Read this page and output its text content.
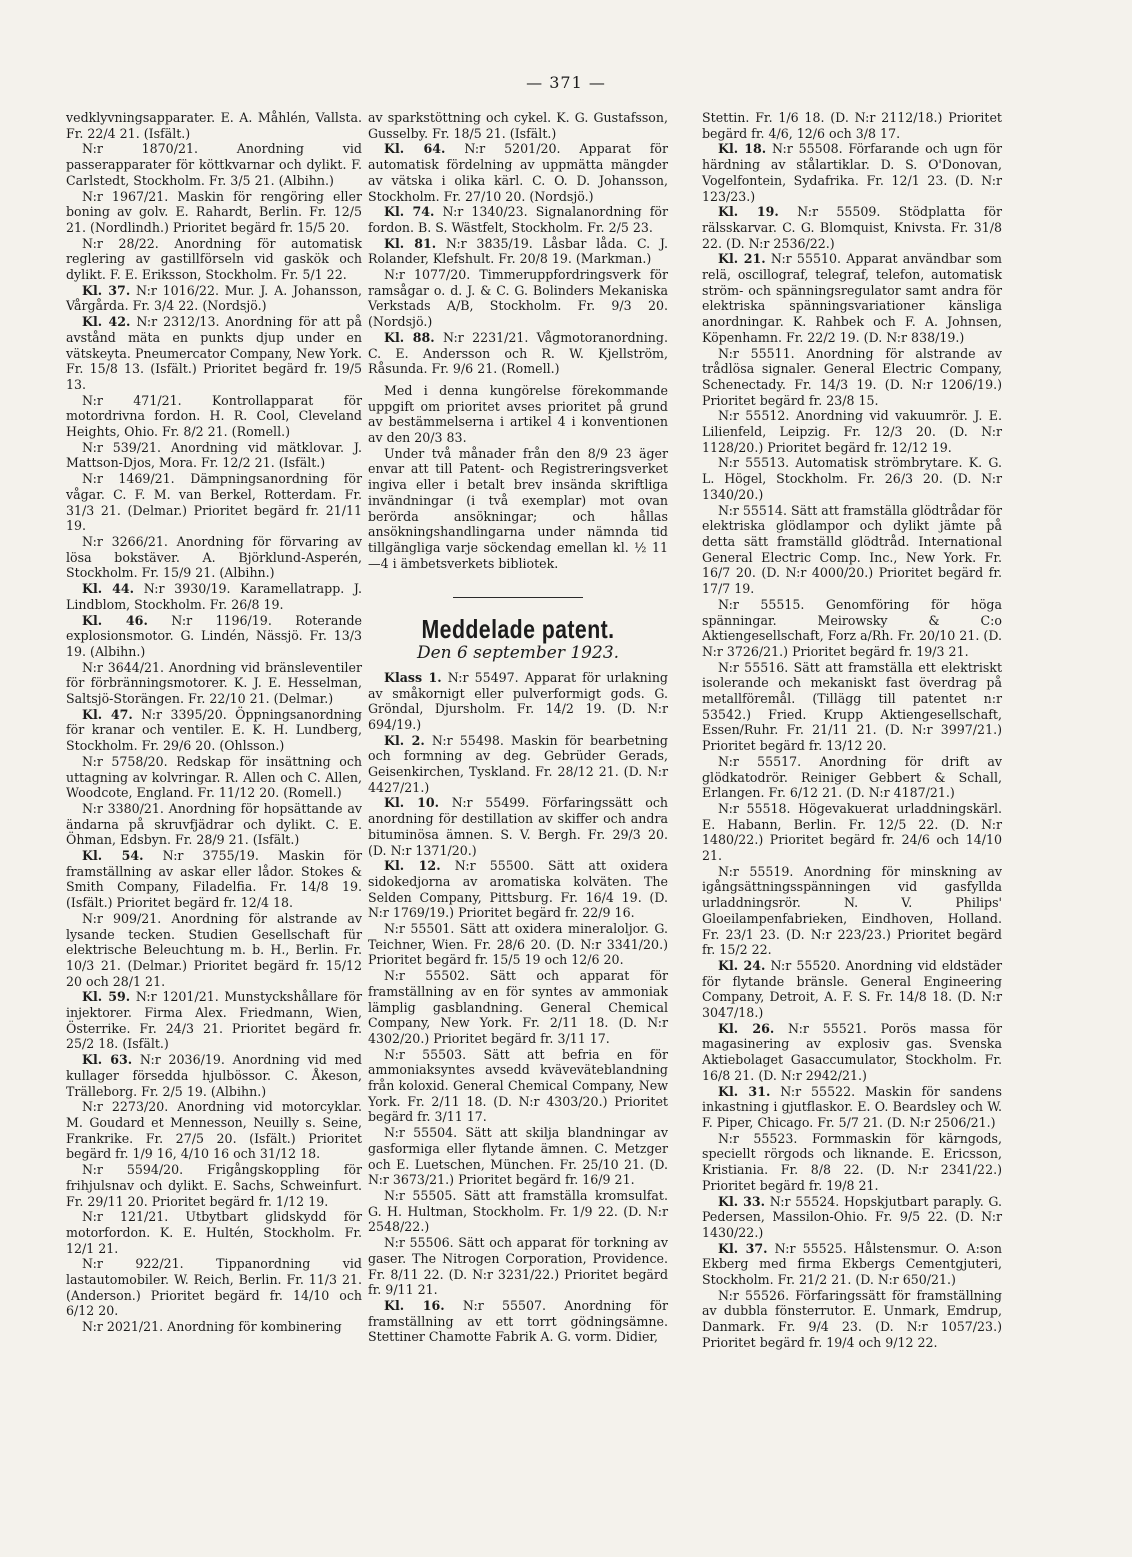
— 371 —

vedklyvningsapparater. E. A. Måhlén, Vallsta. Fr. 22/4 21. (Isfält.)

N:r 1870/21. Anordning vid passerapparater för köttkvarnar och dylikt. F. Carlstedt, Stockholm. Fr. 3/5 21. (Albihn.)

N:r 1967/21. Maskin för rengöring eller boning av golv. E. Rahardt, Berlin. Fr. 12/5 21. (Nordlindh.) Prioritet begärd fr. 15/5 20.

N:r 28/22. Anordning för automatisk reglering av gastillförseln vid gaskök och dylikt. F. E. Eriksson, Stockholm. Fr. 5/1 22.

Kl. 37. N:r 1016/22. Mur. J. A. Johansson, Vårgårda. Fr. 3/4 22. (Nordsjö.)

Kl. 42. N:r 2312/13. Anordning för att på avstånd mäta en punkts djup under en vätskeyta. Pneumercator Company, New York. Fr. 15/8 13. (Isfält.) Prioritet begärd fr. 19/5 13.

N:r 471/21. Kontrollapparat för motordrivna fordon. H. R. Cool, Cleveland Heights, Ohio. Fr. 8/2 21. (Romell.)

N:r 539/21. Anordning vid mätklovar. J. Mattson-Djos, Mora. Fr. 12/2 21. (Isfält.)

N:r 1469/21. Dämpningsanordning för vågar. C. F. M. van Berkel, Rotterdam. Fr. 31/3 21. (Delmar.) Prioritet begärd fr. 21/11 19.

N:r 3266/21. Anordning för förvaring av lösa bokstäver. A. Björklund-Asperén, Stockholm. Fr. 15/9 21. (Albihn.)

Kl. 44. N:r 3930/19. Karamellatrapp. J. Lindblom, Stockholm. Fr. 26/8 19.

Kl. 46. N:r 1196/19. Roterande explosionsmotor. G. Lindén, Nässjö. Fr. 13/3 19. (Albihn.)

N:r 3644/21. Anordning vid bränsleventiler för förbränningsmotorer. K. J. E. Hesselman, Saltsjö-Storängen. Fr. 22/10 21. (Delmar.)

Kl. 47. N:r 3395/20. Öppningsanordning för kranar och ventiler. E. K. H. Lundberg, Stockholm. Fr. 29/6 20. (Ohlsson.)

N:r 5758/20. Redskap för insättning och uttagning av kolvringar. R. Allen och C. Allen, Woodcote, England. Fr. 11/12 20. (Romell.)

N:r 3380/21. Anordning för hopsättande av ändarna på skruvfjädrar och dylikt. C. E. Öhman, Edsbyn. Fr. 28/9 21. (Isfält.)

Kl. 54. N:r 3755/19. Maskin för framställning av askar eller lådor. Stokes & Smith Company, Filadelfia. Fr. 14/8 19. (Isfält.) Prioritet begärd fr. 12/4 18.

N:r 909/21. Anordning för alstrande av lysande tecken. Studien Gesellschaft für elektrische Beleuchtung m. b. H., Berlin. Fr. 10/3 21. (Delmar.) Prioritet begärd fr. 15/12 20 och 28/1 21.

Kl. 59. N:r 1201/21. Munstyckshållare för injektorer. Firma Alex. Friedmann, Wien, Österrike. Fr. 24/3 21. Prioritet begärd fr. 25/2 18. (Isfält.)

Kl. 63. N:r 2036/19. Anordning vid med kullager försedda hjulbössor. C. Åkeson, Trälleborg. Fr. 2/5 19. (Albihn.)

N:r 2273/20. Anordning vid motorcyklar. M. Goudard et Mennesson, Neuilly s. Seine, Frankrike. Fr. 27/5 20. (Isfält.) Prioritet begärd fr. 1/9 16, 4/10 16 och 31/12 18.

N:r 5594/20. Frigångskoppling för frihjulsnav och dylikt. E. Sachs, Schweinfurt. Fr. 29/11 20. Prioritet begärd fr. 1/12 19.

N:r 121/21. Utbytbart glidskydd för motorfordon. K. E. Hultén, Stockholm. Fr. 12/1 21.

N:r 922/21. Tippanordning vid lastautomobiler. W. Reich, Berlin. Fr. 11/3 21. (Anderson.) Prioritet begärd fr. 14/10 och 6/12 20.

N:r 2021/21. Anordning för kombinering

av sparkstöttning och cykel. K. G. Gustafsson, Gusselby. Fr. 18/5 21. (Isfält.)

Kl. 64. N:r 5201/20. Apparat för automatisk fördelning av uppmätta mängder av vätska i olika kärl. C. O. D. Johansson, Stockholm. Fr. 27/10 20. (Nordsjö.)

Kl. 74. N:r 1340/23. Signalanordning för fordon. B. S. Wästfelt, Stockholm. Fr. 2/5 23.

Kl. 81. N:r 3835/19. Låsbar låda. C. J. Rolander, Klefshult. Fr. 20/8 19. (Markman.)

N:r 1077/20. Timmeruppfordringsverk för ramsågar o. d. J. & C. G. Bolinders Mekaniska Verkstads A/B, Stockholm. Fr. 9/3 20. (Nordsjö.)

Kl. 88. N:r 2231/21. Vågmotoranordning. C. E. Andersson och R. W. Kjellström, Råsunda. Fr. 9/6 21. (Romell.)

Med i denna kungörelse förekommande uppgift om prioritet avses prioritet på grund av bestämmelserna i artikel 4 i konventionen av den 20/3 83.

Under två månader från den 8/9 23 äger envar att till Patent- och Registreringsverket ingiva eller i betalt brev insända skriftliga invändningar (i två exemplar) mot ovan berörda ansökningar; och hållas ansökningshandlingarna under nämnda tid tillgängliga varje söckendag emellan kl. ½ 11—4 i ämbetsverkets bibliotek.

Meddelade patent.
Den 6 september 1923.

Klass 1. N:r 55497. Apparat för urlakning av småkornigt eller pulverformigt gods. G. Gröndal, Djursholm. Fr. 14/2 19. (D. N:r 694/19.)

Kl. 2. N:r 55498. Maskin för bearbetning och formning av deg. Gebrüder Gerads, Geisenkirchen, Tyskland. Fr. 28/12 21. (D. N:r 4427/21.)

Kl. 10. N:r 55499. Förfaringssätt och anordning för destillation av skiffer och andra bituminösa ämnen. S. V. Bergh. Fr. 29/3 20. (D. N:r 1371/20.)

Kl. 12. N:r 55500. Sätt att oxidera sidokedjorna av aromatiska kolväten. The Selden Company, Pittsburg. Fr. 16/4 19. (D. N:r 1769/19.) Prioritet begärd fr. 22/9 16.

N:r 55501. Sätt att oxidera mineraloljor. G. Teichner, Wien. Fr. 28/6 20. (D. N:r 3341/20.) Prioritet begärd fr. 15/5 19 och 12/6 20.

N:r 55502. Sätt och apparat för framställning av en för syntes av ammoniak lämplig gasblandning. General Chemical Company, New York. Fr. 2/11 18. (D. N:r 4302/20.) Prioritet begärd fr. 3/11 17.

N:r 55503. Sätt att befria en för ammoniaksyntes avsedd kväveväteblandning från koloxid. General Chemical Company, New York. Fr. 2/11 18. (D. N:r 4303/20.) Prioritet begärd fr. 3/11 17.

N:r 55504. Sätt att skilja blandningar av gasformiga eller flytande ämnen. C. Metzger och E. Luetschen, München. Fr. 25/10 21. (D. N:r 3673/21.) Prioritet begärd fr. 16/9 21.

N:r 55505. Sätt att framställa kromsulfat. G. H. Hultman, Stockholm. Fr. 1/9 22. (D. N:r 2548/22.)

N:r 55506. Sätt och apparat för torkning av gaser. The Nitrogen Corporation, Providence. Fr. 8/11 22. (D. N:r 3231/22.) Prioritet begärd fr. 9/11 21.

Kl. 16. N:r 55507. Anordning för framställning av ett torrt gödningsämne. Stettiner Chamotte Fabrik A. G. vorm. Didier,

Stettin. Fr. 1/6 18. (D. N:r 2112/18.) Prioritet begärd fr. 4/6, 12/6 och 3/8 17.

Kl. 18. N:r 55508. Förfarande och ugn för härdning av stålartiklar. D. S. O'Donovan, Vogelfontein, Sydafrika. Fr. 12/1 23. (D. N:r 123/23.)

Kl. 19. N:r 55509. Stödplatta för rälsskarvar. C. G. Blomquist, Knivsta. Fr. 31/8 22. (D. N:r 2536/22.)

Kl. 21. N:r 55510. Apparat användbar som relä, oscillograf, telegraf, telefon, automatisk ström- och spänningsregulator samt andra för elektriska spänningsvariationer känsliga anordningar. K. Rahbek och F. A. Johnsen, Köpenhamn. Fr. 22/2 19. (D. N:r 838/19.)

N:r 55511. Anordning för alstrande av trådlösa signaler. General Electric Company, Schenectady. Fr. 14/3 19. (D. N:r 1206/19.) Prioritet begärd fr. 23/8 15.

N:r 55512. Anordning vid vakuumrör. J. E. Lilienfeld, Leipzig. Fr. 12/3 20. (D. N:r 1128/20.) Prioritet begärd fr. 12/12 19.

N:r 55513. Automatisk strömbrytare. K. G. L. Högel, Stockholm. Fr. 26/3 20. (D. N:r 1340/20.)

N:r 55514. Sätt att framställa glödtrådar för elektriska glödlampor och dylikt jämte på detta sätt framställd glödtråd. International General Electric Comp. Inc., New York. Fr. 16/7 20. (D. N:r 4000/20.) Prioritet begärd fr. 17/7 19.

N:r 55515. Genomföring för höga spänningar. Meirowsky & C:o Aktiengesellschaft, Forz a/Rh. Fr. 20/10 21. (D. N:r 3726/21.) Prioritet begärd fr. 19/3 21.

N:r 55516. Sätt att framställa ett elektriskt isolerande och mekaniskt fast överdrag på metallföremål. (Tillägg till patentet n:r 53542.) Fried. Krupp Aktiengesellschaft, Essen/Ruhr. Fr. 21/11 21. (D. N:r 3997/21.) Prioritet begärd fr. 13/12 20.

N:r 55517. Anordning för drift av glödkatodrör. Reiniger Gebbert & Schall, Erlangen. Fr. 6/12 21. (D. N:r 4187/21.)

N:r 55518. Högevakuerat urladdningskärl. E. Habann, Berlin. Fr. 12/5 22. (D. N:r 1480/22.) Prioritet begärd fr. 24/6 och 14/10 21.

N:r 55519. Anordning för minskning av igångsättningsspänningen vid gasfyllda urladdningsrör. N. V. Philips' Gloeilampenfabrieken, Eindhoven, Holland. Fr. 23/1 23. (D. N:r 223/23.) Prioritet begärd fr. 15/2 22.

Kl. 24. N:r 55520. Anordning vid eldstäder för flytande bränsle. General Engineering Company, Detroit, A. F. S. Fr. 14/8 18. (D. N:r 3047/18.)

Kl. 26. N:r 55521. Porös massa för magasinering av explosiv gas. Svenska Aktiebolaget Gasaccumulator, Stockholm. Fr. 16/8 21. (D. N:r 2942/21.)

Kl. 31. N:r 55522. Maskin för sandens inkastning i gjutflaskor. E. O. Beardsley och W. F. Piper, Chicago. Fr. 5/7 21. (D. N:r 2506/21.)

N:r 55523. Formmaskin för kärngods, speciellt rörgods och liknande. E. Ericsson, Kristiania. Fr. 8/8 22. (D. N:r 2341/22.) Prioritet begärd fr. 19/8 21.

Kl. 33. N:r 55524. Hopskjutbart paraply. G. Pedersen, Massilon-Ohio. Fr. 9/5 22. (D. N:r 1430/22.)

Kl. 37. N:r 55525. Hålstensmur. O. A:son Ekberg med firma Ekbergs Cementgjuteri, Stockholm. Fr. 21/2 21. (D. N:r 650/21.)

N:r 55526. Förfaringssätt för framställning av dubbla fönsterrutor. E. Unmark, Emdrup, Danmark. Fr. 9/4 23. (D. N:r 1057/23.) Prioritet begärd fr. 19/4 och 9/12 22.
